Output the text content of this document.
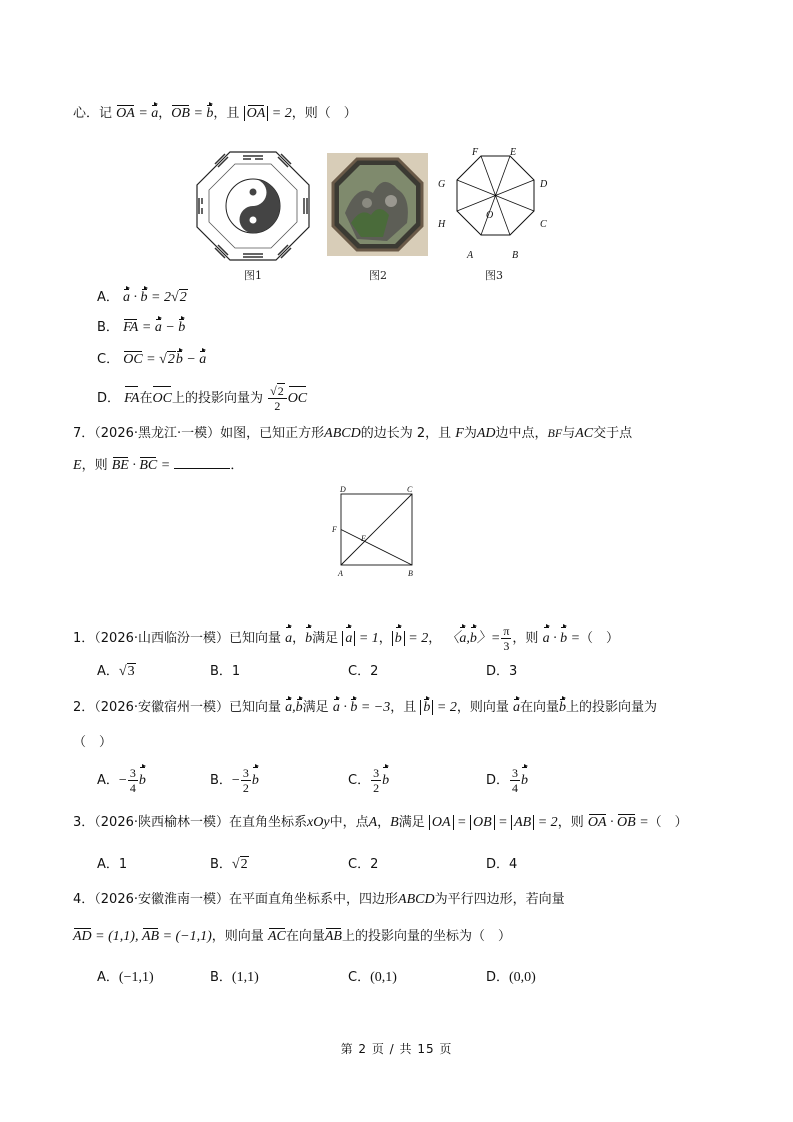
心．记 OA = a，OB = b，且 OA = 2，则（　）
F	E
G	D
O
H	C
A	B
图1	图2	图3
A． a · b = 2√2
B． FA = a − b
C． OC = √2b − a
D． FA在OC上的投影向量为 $\frac{√2}{2}$ OC
7．（2026·黑龙江·一模）如图，已知正方形ABCD的边长为 2，且 F为AD边中点，BF与AC交于点
E，则 BE · BC =	．
D	C
F
E
A	B
1．（2026·山西临汾一模）已知向量 a，b满足 a = 1， b = 2， 〈a,b〉= $\frac{\pi}{3}$ ，则 a · b =（　）
A．√3	B．1	C．2	D．3
2．（2026·安徽宿州一模）已知向量 a,b满足 a · b = −3，且 b = 2，则向量 a在向量b上的投影向量为
（　）
A．− $\frac{3}{4}$ b	B．− $\frac{3}{2}$ b	C． $\frac{3}{2}$ b	D． $\frac{3}{4}$ b
3．（2026·陕西榆林一模）在直角坐标系xOy中，点A，B满足 OA = OB = AB = 2，则 OA · OB =（　）
A．1	B．√2	C．2	D．4
4．（2026·安徽淮南一模）在平面直角坐标系中，四边形ABCD为平行四边形，若向量
AD = (1,1), AB = (−1,1)，则向量 AC在向量AB上的投影向量的坐标为（　）
A．(−1,1)	B．(1,1)	C．(0,1)	D．(0,0)
第 2 页 / 共 15 页
